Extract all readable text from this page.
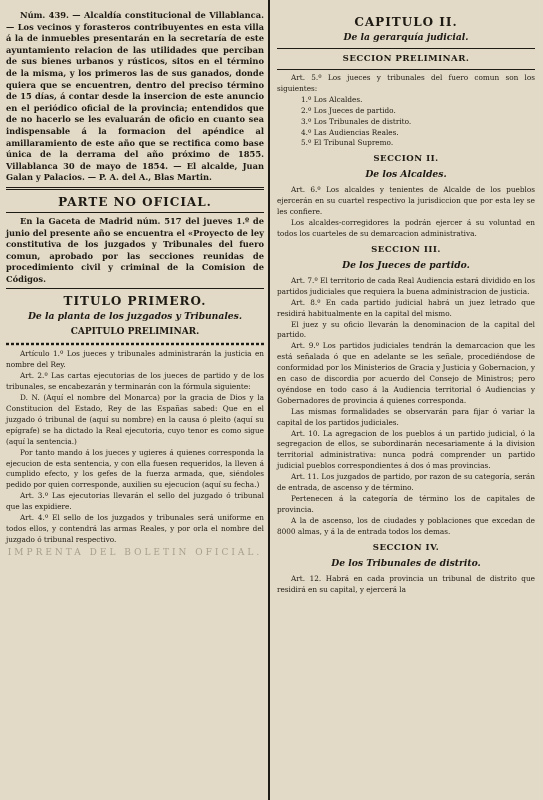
Núm. 439. — Alcaldía constitucional de Villablanca. — Los vecinos y forasteros contribuyentes en esta villa á la de inmuebles presentarán en la secretaría de este ayuntamiento relacion de las utilidades que perciban de sus bienes urbanos y rústicos, sitos en el término de la misma, y los primeros las de sus ganados, donde quiera que se encuentren, dentro del preciso término de 15 días, á contar desde la insercion de este anuncio en el periódico oficial de la provincia; entendidos que de no hacerlo se les evaluarán de oficio en cuanto sea indispensable á la formacion del apéndice al amillaramiento de este año que se rectifica como base única de la derrama del año próximo de 1855. Villablanca 30 de mayo de 1854. — El alcalde, Juan Galan y Palacios. — P. A. del A., Blas Martin.

PARTE NO OFICIAL.

En la Gaceta de Madrid núm. 517 del jueves 1.º de junio del presente año se encuentra el «Proyecto de ley constitutiva de los juzgados y Tribunales del fuero comun, aprobado por las secciones reunidas de procedimiento civil y criminal de la Comision de Códigos.

TITULO PRIMERO.
De la planta de los juzgados y Tribunales.
CAPITULO PRELIMINAR.

Artículo 1.º Los jueces y tribunales administrarán la justicia en nombre del Rey.

Art. 2.º Las cartas ejecutorias de los jueces de partido y de los tribunales, se encabezarán y terminarán con la fórmula siguiente:

D. N. (Aquí el nombre del Monarca) por la gracia de Dios y la Constitucion del Estado, Rey de las Españas sabed: Que en el juzgado ó tribunal de (aquí su nombre) en la causa ó pleito (aquí su epígrafe) se ha dictado la Real ejecutoria, cuyo tenor es como sigue (aquí la sentencia.)

Por tanto mando á los jueces y ugieres á quienes corresponda la ejecucion de esta sentencia, y con ella fuesen requeridos, la lleven á cumplido efecto, y los gefes de la fuerza armada, que, siéndoles pedido por quien corresponde, auxilien su ejecucion (aquí su fecha.)

Art. 3.º Las ejecutorias llevarán el sello del juzgado ó tribunal que las expidiere.

Art. 4.º El sello de los juzgados y tribunales será uniforme en todos ellos, y contendrá las armas Reales, y por orla el nombre del juzgado ó tribunal respectivo.

IMPRENTA DEL BOLETIN OFICIAL.
CAPITULO II.
De la gerarquía judicial.
SECCION PRELIMINAR.

Art. 5.º Los jueces y tribunales del fuero comun son los siguientes:

1.º Los Alcaldes.
2.º Los Jueces de partido.
3.º Los Tribunales de distrito.
4.º Las Audiencias Reales.
5.º El Tribunal Supremo.
SECCION II.
De los Alcaldes.

Art. 6.º Los alcaldes y tenientes de Alcalde de los pueblos ejercerán en su cuartel respectivo la jurisdiccion que por esta ley se les confiere.

Los alcaldes-corregidores la podrán ejercer á su voluntad en todos los cuarteles de su demarcacion administrativa.

SECCION III.
De los Jueces de partido.

Art. 7.º El territorio de cada Real Audiencia estará dividido en los partidos judiciales que requiera la buena administracion de justicia.

Art. 8.º En cada partido judicial habrá un juez letrado que residirá habitualmente en la capital del mismo.

El juez y su oficio llevarán la denominacion de la capital del partido.

Art. 9.º Los partidos judiciales tendrán la demarcacion que les está señalada ó que en adelante se les señale, procediéndose de conformidad por los Ministerios de Gracia y Justicia y Gobernacion, y en caso de discordia por acuerdo del Consejo de Ministros; pero oyéndose en todo caso á la Audiencia territorial ó Audiencias y Gobernadores de provincia á quienes corresponda.

Las mismas formalidades se observarán para fijar ó variar la capital de los partidos judiciales.

Art. 10. La agregacion de los pueblos á un partido judicial, ó la segregacion de ellos, se subordinarán necesariamente á la division territorial administrativa: nunca podrá comprender un partido judicial pueblos correspondientes á dos ó mas provincias.

Art. 11. Los juzgados de partido, por razon de su categoría, serán de entrada, de ascenso y de término.

Pertenecen á la categoría de término los de capitales de provincia.

A la de ascenso, los de ciudades y poblaciones que excedan de 8000 almas, y á la de entrada todos los demas.

SECCION IV.
De los Tribunales de distrito.

Art. 12. Habrá en cada provincia un tribunal de distrito que residirá en su capital, y ejercerá la
